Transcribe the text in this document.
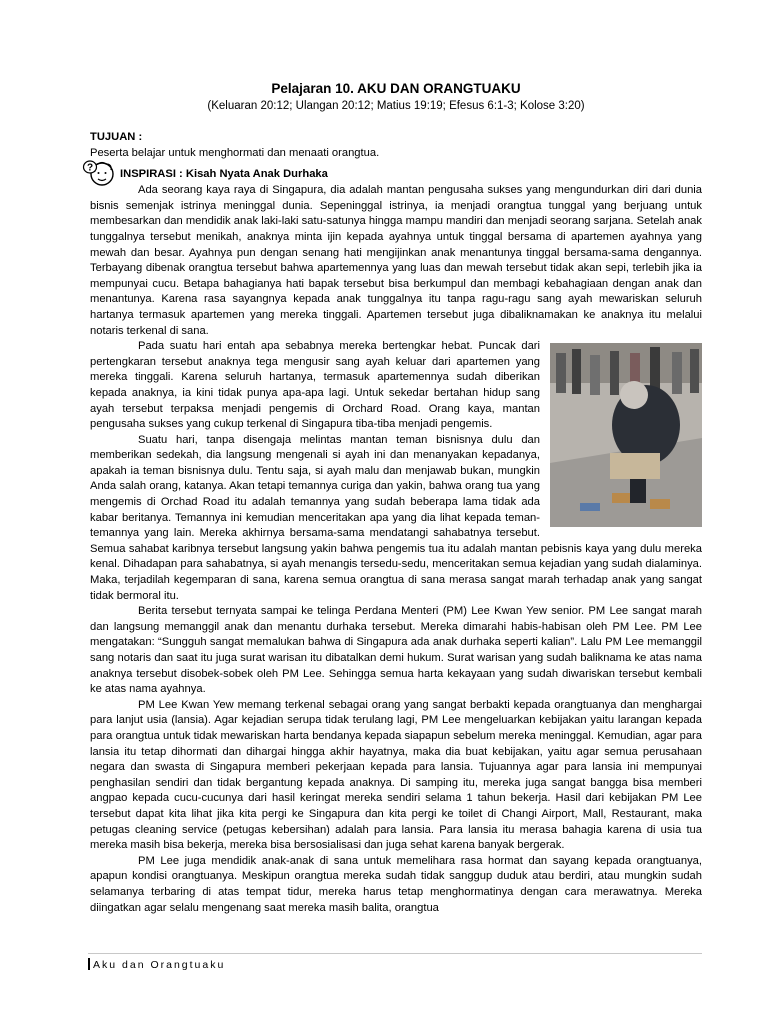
Pelajaran 10. AKU DAN ORANGTUAKU
(Keluaran 20:12; Ulangan 20:12; Matius 19:19; Efesus 6:1-3; Kolose 3:20)
TUJUAN :
Peserta belajar untuk menghormati dan menaati orangtua.
? INSPIRASI : Kisah Nyata Anak Durhaka

Ada seorang kaya raya di Singapura, dia adalah mantan pengusaha sukses yang mengundurkan diri dari dunia bisnis semenjak istrinya meninggal dunia. Sepeninggal istrinya, ia menjadi orangtua tunggal yang berjuang untuk membesarkan dan mendidik anak laki-laki satu-satunya hingga mampu mandiri dan menjadi seorang sarjana. Setelah anak tunggalnya tersebut menikah, anaknya minta ijin kepada ayahnya untuk tinggal bersama di apartemen ayahnya yang mewah dan besar. Ayahnya pun dengan senang hati mengijinkan anak menantunya tinggal bersama-sama dengannya. Terbayang dibenak orangtua tersebut bahwa apartemennya yang luas dan mewah tersebut tidak akan sepi, terlebih jika ia mempunyai cucu. Betapa bahagianya hati bapak tersebut bisa berkumpul dan membagi kebahagiaan dengan anak dan menantunya. Karena rasa sayangnya kepada anak tunggalnya itu tanpa ragu-ragu sang ayah mewariskan seluruh hartanya termasuk apartemen yang mereka tinggali. Apartemen tersebut juga dibaliknamakan ke anaknya itu melalui notaris terkenal di sana.

Pada suatu hari entah apa sebabnya mereka bertengkar hebat. Puncak dari pertengkaran tersebut anaknya tega mengusir sang ayah keluar dari apartemen yang mereka tinggali. Karena seluruh hartanya, termasuk apartemennya sudah diberikan kepada anaknya, ia kini tidak punya apa-apa lagi. Untuk sekedar bertahan hidup sang ayah tersebut terpaksa menjadi pengemis di Orchard Road. Orang kaya, mantan pengusaha sukses yang cukup terkenal di Singapura tiba-tiba menjadi pengemis.

Suatu hari, tanpa disengaja melintas mantan teman bisnisnya dulu dan memberikan sedekah, dia langsung mengenali si ayah ini dan menanyakan kepadanya, apakah ia teman bisnisnya dulu. Tentu saja, si ayah malu dan menjawab bukan, mungkin Anda salah orang, katanya. Akan tetapi temannya curiga dan yakin, bahwa orang tua yang mengemis di Orchad Road itu adalah temannya yang sudah beberapa lama tidak ada kabar beritanya. Temannya ini kemudian menceritakan apa yang dia lihat kepada teman-temannya yang lain. Mereka akhirnya bersama-sama mendatangi sahabatnya tersebut. Semua sahabat karibnya tersebut langsung yakin bahwa pengemis tua itu adalah mantan pebisnis kaya yang dulu mereka kenal. Dihadapan para sahabatnya, si ayah menangis tersedu-sedu, menceritakan semua kejadian yang sudah dialaminya. Maka, terjadilah kegemparan di sana, karena semua orangtua di sana merasa sangat marah terhadap anak yang sangat tidak bermoral itu.

Berita tersebut ternyata sampai ke telinga Perdana Menteri (PM) Lee Kwan Yew senior. PM Lee sangat marah dan langsung memanggil anak dan menantu durhaka tersebut. Mereka dimarahi habis-habisan oleh PM Lee. PM Lee mengatakan: “Sungguh sangat memalukan bahwa di Singapura ada anak durhaka seperti kalian”. Lalu PM Lee memanggil sang notaris dan saat itu juga surat warisan itu dibatalkan demi hukum. Surat warisan yang sudah baliknama ke atas nama anaknya tersebut disobek-sobek oleh PM Lee. Sehingga semua harta kekayaan yang sudah diwariskan tersebut kembali ke atas nama ayahnya.

PM Lee Kwan Yew memang terkenal sebagai orang yang sangat berbakti kepada orangtuanya dan menghargai para lanjut usia (lansia). Agar kejadian serupa tidak terulang lagi, PM Lee mengeluarkan kebijakan yaitu larangan kepada para orangtua untuk tidak mewariskan harta bendanya kepada siapapun sebelum mereka meninggal. Kemudian, agar para lansia itu tetap dihormati dan dihargai hingga akhir hayatnya, maka dia buat kebijakan, yaitu agar semua perusahaan negara dan swasta di Singapura memberi pekerjaan kepada para lansia. Tujuannya agar para lansia ini mempunyai penghasilan sendiri dan tidak bergantung kepada anaknya. Di samping itu, mereka juga sangat bangga bisa memberi angpao kepada cucu-cucunya dari hasil keringat mereka sendiri selama 1 tahun bekerja. Hasil dari kebijakan PM Lee tersebut dapat kita lihat jika kita pergi ke Singapura dan kita pergi ke toilet di Changi Airport, Mall, Restaurant, maka petugas cleaning service (petugas kebersihan) adalah para lansia. Para lansia itu merasa bahagia karena di usia tua mereka masih bisa bekerja, mereka bisa bersosialisasi dan juga sehat karena banyak bergerak.

PM Lee juga mendidik anak-anak di sana untuk memelihara rasa hormat dan sayang kepada orangtuanya, apapun kondisi orangtuanya. Meskipun orangtua mereka sudah tidak sanggup duduk atau berdiri, atau mungkin sudah selamanya terbaring di atas tempat tidur, mereka harus tetap menghormatinya dengan cara merawatnya. Mereka diingatkan agar selalu mengenang saat mereka masih balita, orangtua

Aku dan Orangtuaku
